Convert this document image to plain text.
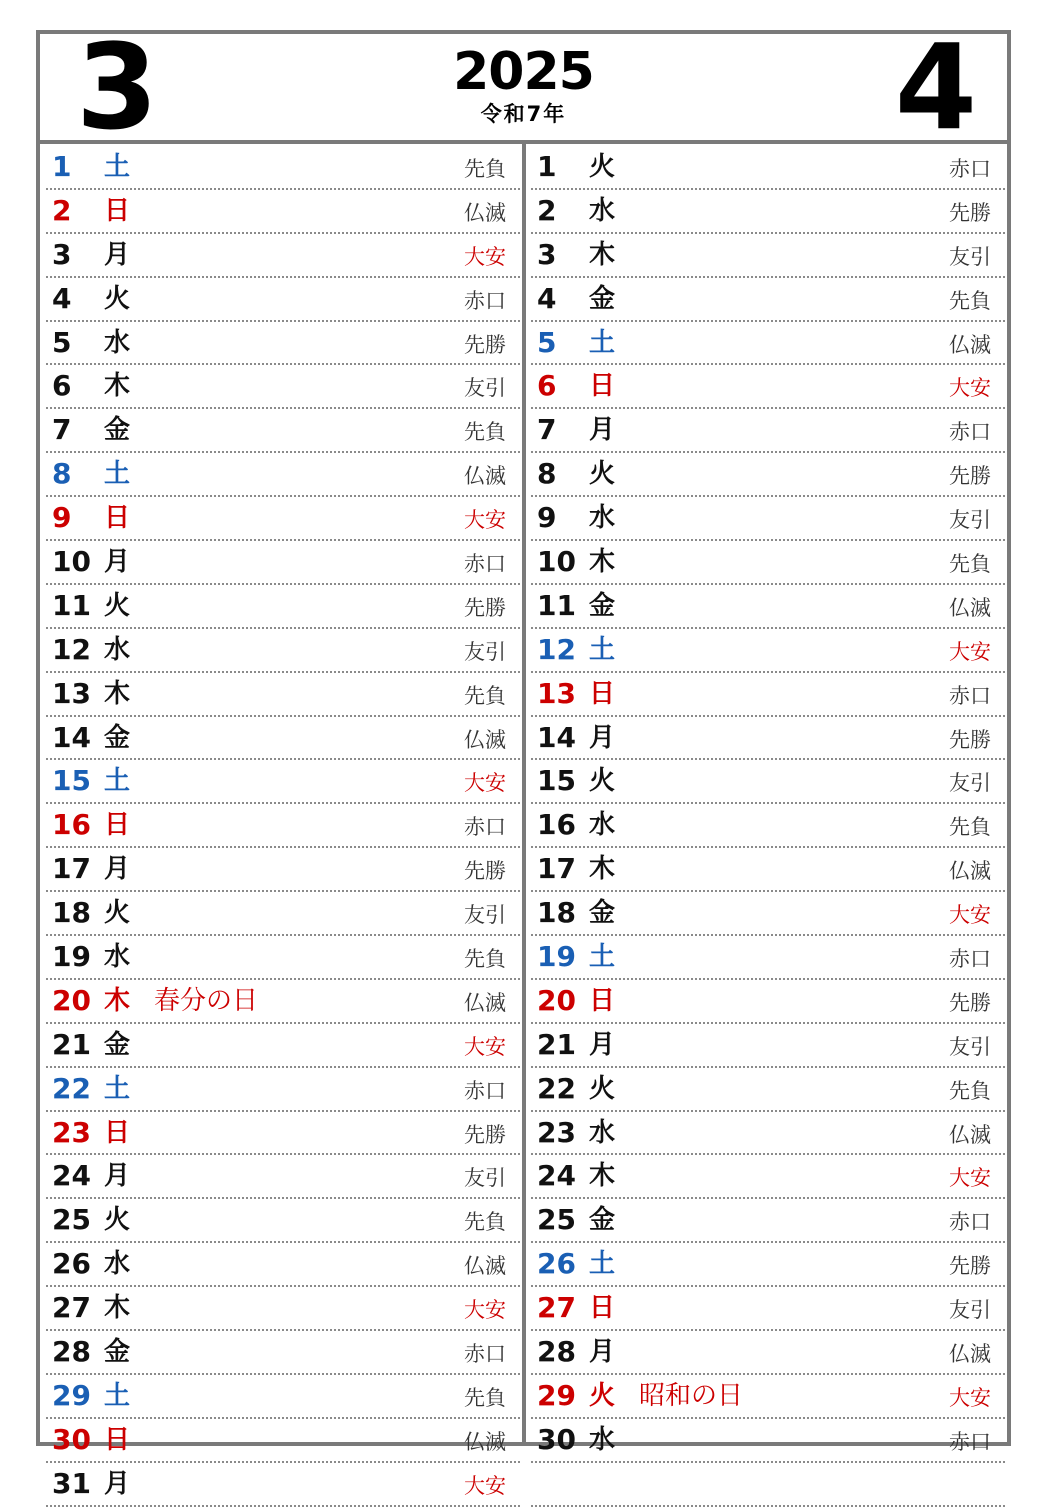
3	2025
令和7年	4
1	土	先負
2	日	仏滅
3	月	大安
4	火	赤口
5	水	先勝
6	木	友引
7	金	先負
8	土	仏滅
9	日	大安
10 月	赤口
11 火	先勝
12 水	友引
13 木	先負
14 金	仏滅
15 土	大安
16 日	赤口
17 月	先勝
18 火	友引
19 水	先負
20 木 春分の日	仏滅
21 金	大安
22 土	赤口
23 日	先勝
24 月	友引
25 火	先負
26 水	仏滅
27 木	大安
28 金	赤口
29 土	先負
30 日	仏滅
31 月	大安
1	火	赤口
2	水	先勝
3	木	友引
4	金	先負
5	土	仏滅
6	日	大安
7	月	赤口
8	火	先勝
9	水	友引
10 木	先負
11 金	仏滅
12 土	大安
13 日	赤口
14 月	先勝
15 火	友引
16 水	先負
17 木	仏滅
18 金	大安
19 土	赤口
20 日	先勝
21 月	友引
22 火	先負
23 水	仏滅
24 木	大安
25 金	赤口
26 土	先勝
27 日	友引
28 月	仏滅
29 火 昭和の日	大安
30 水	赤口
